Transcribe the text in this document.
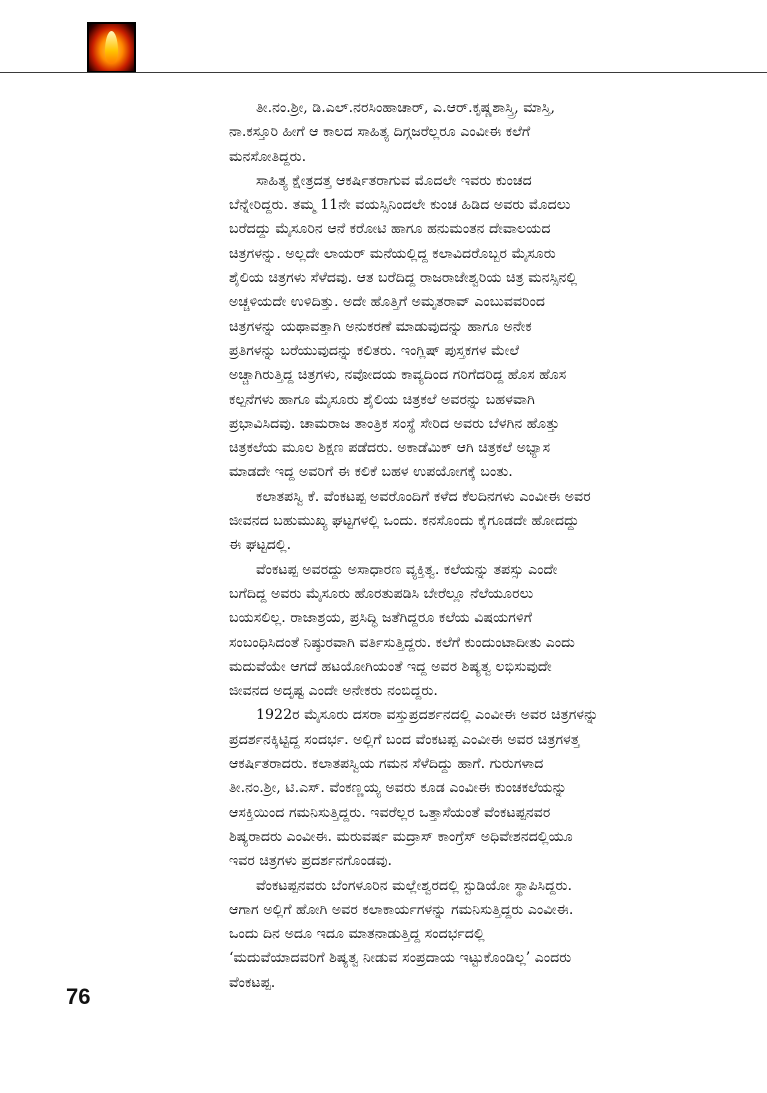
ತೀ.ನಂ.ಶ್ರೀ, ಡಿ.ಎಲ್.ನರಸಿಂಹಾಚಾರ್, ಎ.ಆರ್.ಕೃಷ್ಣಶಾಸ್ತ್ರಿ, ಮಾಸ್ತಿ,
ನಾ.ಕಸ್ತೂರಿ ಹೀಗೆ ಆ ಕಾಲದ ಸಾಹಿತ್ಯ ದಿಗ್ಗಜರೆಲ್ಲರೂ ಎಂವೀಈ ಕಲೆಗೆ
ಮನಸೋತಿದ್ದರು.
ಸಾಹಿತ್ಯ ಕ್ಷೇತ್ರದತ್ತ ಆಕರ್ಷಿತರಾಗುವ ಮೊದಲೇ ಇವರು ಕುಂಚದ
ಬೆನ್ನೇರಿದ್ದರು. ತಮ್ಮ 11ನೇ ವಯಸ್ಸಿನಿಂದಲೇ ಕುಂಚ ಹಿಡಿದ ಅವರು ಮೊದಲು
ಬರೆದದ್ದು ಮೈಸೂರಿನ ಆನೆ ಕರೋಟಿ ಹಾಗೂ ಹನುಮಂತನ ದೇವಾಲಯದ
ಚಿತ್ರಗಳನ್ನು. ಅಲ್ಲದೇ ಲಾಯರ್ ಮನೆಯಲ್ಲಿದ್ದ ಕಲಾವಿದರೊಬ್ಬರ ಮೈಸೂರು
ಶೈಲಿಯ ಚಿತ್ರಗಳು ಸೆಳೆದವು. ಆತ ಬರೆದಿದ್ದ ರಾಜರಾಜೇಶ್ವರಿಯ ಚಿತ್ರ ಮನಸ್ಸಿನಲ್ಲಿ
ಅಚ್ಚಳಿಯದೇ ಉಳಿದಿತ್ತು. ಅದೇ ಹೊತ್ತಿಗೆ ಅಮೃತರಾವ್ ಎಂಬುವವರಿಂದ
ಚಿತ್ರಗಳನ್ನು ಯಥಾವತ್ತಾಗಿ ಅನುಕರಣೆ ಮಾಡುವುದನ್ನು ಹಾಗೂ ಅನೇಕ
ಪ್ರತಿಗಳನ್ನು ಬರೆಯುವುದನ್ನು ಕಲಿತರು. ಇಂಗ್ಲಿಷ್ ಪುಸ್ತಕಗಳ ಮೇಲೆ
ಅಚ್ಚಾಗಿರುತ್ತಿದ್ದ ಚಿತ್ರಗಳು, ನವೋದಯ ಕಾವ್ಯದಿಂದ ಗರಿಗೆದರಿದ್ದ ಹೊಸ ಹೊಸ
ಕಲ್ಪನೆಗಳು ಹಾಗೂ ಮೈಸೂರು ಶೈಲಿಯ ಚಿತ್ರಕಲೆ ಅವರನ್ನು ಬಹಳವಾಗಿ
ಪ್ರಭಾವಿಸಿದವು. ಚಾಮರಾಜ ತಾಂತ್ರಿಕ ಸಂಸ್ಥೆ ಸೇರಿದ ಅವರು ಬೆಳಗಿನ ಹೊತ್ತು
ಚಿತ್ರಕಲೆಯ ಮೂಲ ಶಿಕ್ಷಣ ಪಡೆದರು. ಅಕಾಡೆಮಿಕ್ ಆಗಿ ಚಿತ್ರಕಲೆ ಅಭ್ಯಾಸ
ಮಾಡದೇ ಇದ್ದ ಅವರಿಗೆ ಈ ಕಲಿಕೆ ಬಹಳ ಉಪಯೋಗಕ್ಕೆ ಬಂತು.
ಕಲಾತಪಸ್ವಿ ಕೆ. ವೆಂಕಟಪ್ಪ ಅವರೊಂದಿಗೆ ಕಳೆದ ಕೆಲದಿನಗಳು ಎಂವೀಈ ಅವರ
ಜೀವನದ ಬಹುಮುಖ್ಯ ಘಟ್ಟಗಳಲ್ಲಿ ಒಂದು. ಕನಸೊಂದು ಕೈಗೂಡದೇ ಹೋದದ್ದು
ಈ ಘಟ್ಟದಲ್ಲಿ.
ವೆಂಕಟಪ್ಪ ಅವರದ್ದು ಅಸಾಧಾರಣ ವ್ಯಕ್ತಿತ್ವ. ಕಲೆಯನ್ನು ತಪಸ್ಸು ಎಂದೇ
ಬಗೆದಿದ್ದ ಅವರು ಮೈಸೂರು ಹೊರತುಪಡಿಸಿ ಬೇರೆಲ್ಲೂ ನೆಲೆಯೂರಲು
ಬಯಸಲಿಲ್ಲ. ರಾಜಾಶ್ರಯ, ಪ್ರಸಿದ್ಧಿ ಜತೆಗಿದ್ದರೂ ಕಲೆಯ ವಿಷಯಗಳಿಗೆ
ಸಂಬಂಧಿಸಿದಂತೆ ನಿಷ್ಠುರವಾಗಿ ವರ್ತಿಸುತ್ತಿದ್ದರು. ಕಲೆಗೆ ಕುಂದುಂಟಾದೀತು ಎಂದು
ಮದುವೆಯೇ ಆಗದೆ ಹಟಯೋಗಿಯಂತೆ ಇದ್ದ ಅವರ ಶಿಷ್ಯತ್ವ ಲಭಿಸುವುದೇ
ಜೀವನದ ಅದೃಷ್ಟ ಎಂದೇ ಅನೇಕರು ನಂಬಿದ್ದರು.
1922ರ ಮೈಸೂರು ದಸರಾ ವಸ್ತುಪ್ರದರ್ಶನದಲ್ಲಿ ಎಂವೀಈ ಅವರ ಚಿತ್ರಗಳನ್ನು
ಪ್ರದರ್ಶನಕ್ಕಿಟ್ಟಿದ್ದ ಸಂದರ್ಭ. ಅಲ್ಲಿಗೆ ಬಂದ ವೆಂಕಟಪ್ಪ ಎಂವೀಈ ಅವರ ಚಿತ್ರಗಳತ್ತ
ಆಕರ್ಷಿತರಾದರು. ಕಲಾತಪಸ್ವಿಯ ಗಮನ ಸೆಳೆದಿದ್ದು ಹಾಗೆ. ಗುರುಗಳಾದ
ತೀ.ನಂ.ಶ್ರೀ, ಟಿ.ಎಸ್. ವೆಂಕಣ್ಣಯ್ಯ ಅವರು ಕೂಡ ಎಂವೀಈ ಕುಂಚಕಲೆಯನ್ನು
ಆಸಕ್ತಿಯಿಂದ ಗಮನಿಸುತ್ತಿದ್ದರು. ಇವರೆಲ್ಲರ ಒತ್ತಾಸೆಯಂತೆ ವೆಂಕಟಪ್ಪನವರ
ಶಿಷ್ಯರಾದರು ಎಂವೀಈ. ಮರುವರ್ಷ ಮದ್ರಾಸ್ ಕಾಂಗ್ರೆಸ್ ಅಧಿವೇಶನದಲ್ಲಿಯೂ
ಇವರ ಚಿತ್ರಗಳು ಪ್ರದರ್ಶನಗೊಂಡವು.
ವೆಂಕಟಪ್ಪನವರು ಬೆಂಗಳೂರಿನ ಮಲ್ಲೇಶ್ವರದಲ್ಲಿ ಸ್ಟುಡಿಯೋ ಸ್ಥಾಪಿಸಿದ್ದರು.
ಆಗಾಗ ಅಲ್ಲಿಗೆ ಹೋಗಿ ಅವರ ಕಲಾಕಾರ್ಯಗಳನ್ನು ಗಮನಿಸುತ್ತಿದ್ದರು ಎಂವೀಈ.
ಒಂದು ದಿನ ಅದೂ ಇದೂ ಮಾತನಾಡುತ್ತಿದ್ದ ಸಂದರ್ಭದಲ್ಲಿ
‘ಮದುವೆಯಾದವರಿಗೆ ಶಿಷ್ಯತ್ವ ನೀಡುವ ಸಂಪ್ರದಾಯ ಇಟ್ಟುಕೊಂಡಿಲ್ಲ’ ಎಂದರು
ವೆಂಕಟಪ್ಪ.
76
